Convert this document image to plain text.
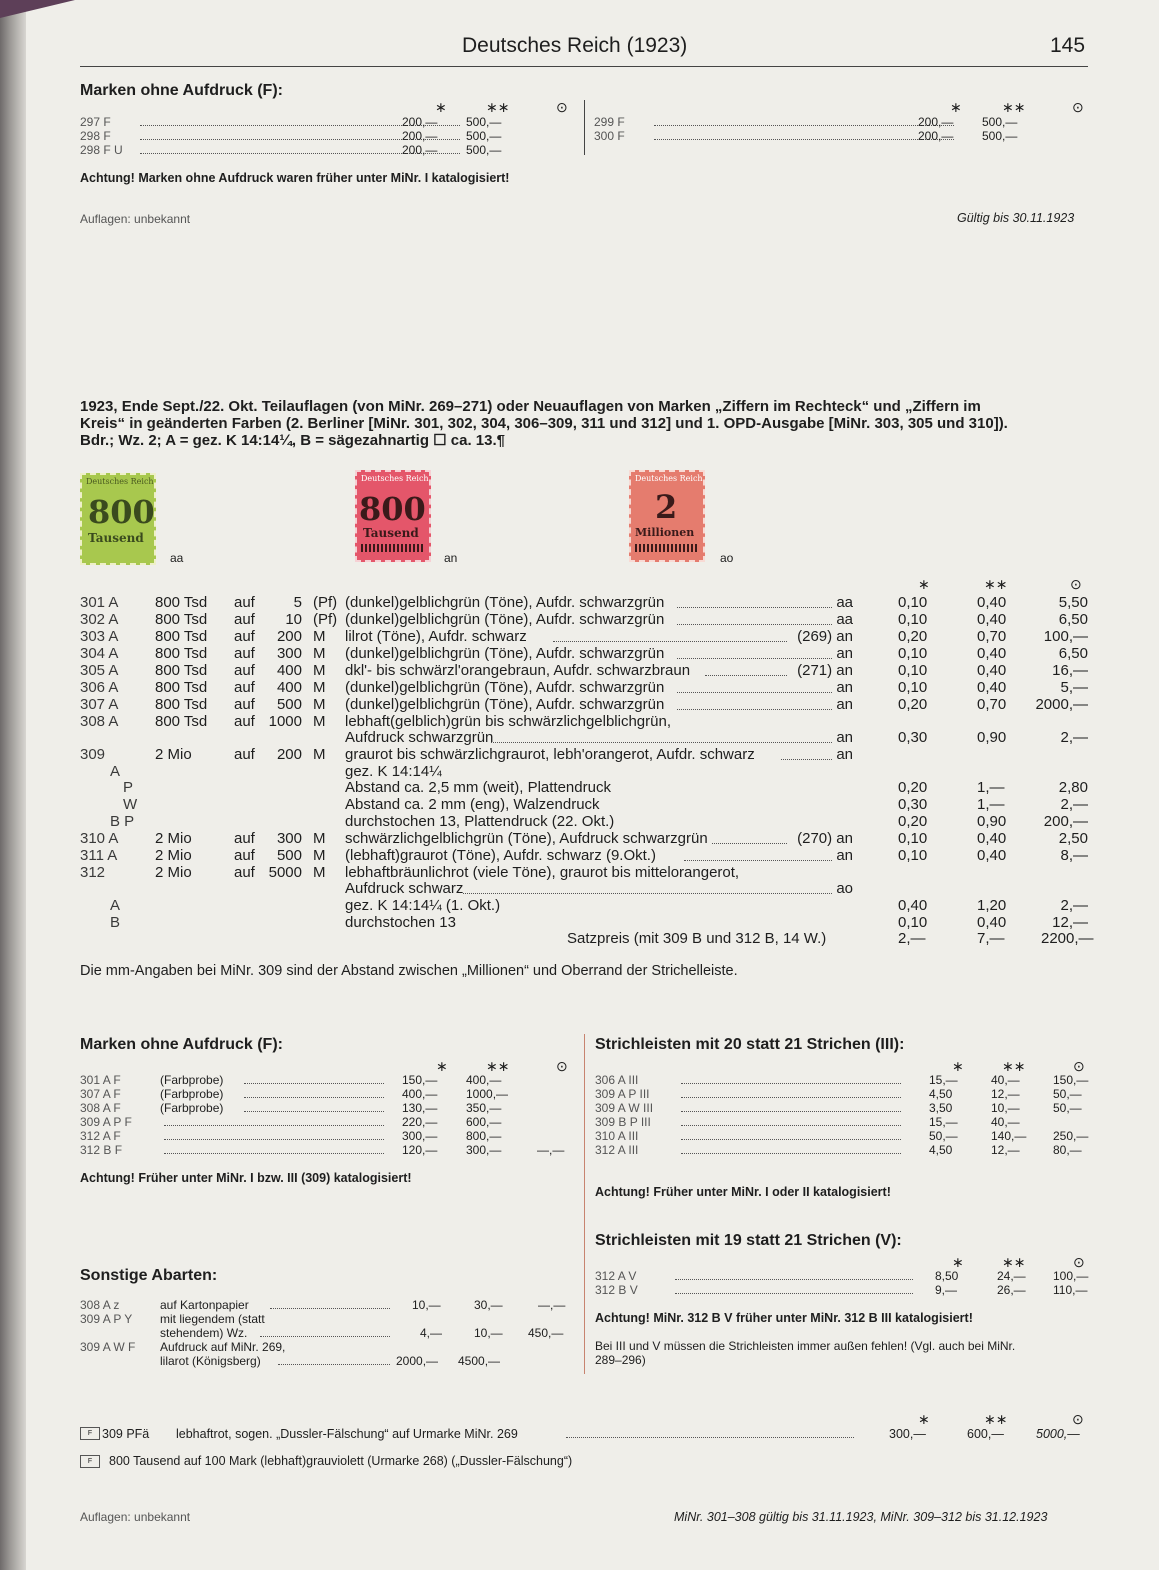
Deutsches Reich (1923)	145
Marken ohne Aufdruck (F):
∗	∗∗	⊙	∗	∗∗	⊙
297 F	200,— 500,—
298 F	200,— 500,—
298 F U	200,— 500,—
299 F	200,— 500,—
300 F	200,— 500,—
Achtung! Marken ohne Aufdruck waren früher unter MiNr. I katalogisiert!
Auflagen: unbekannt	Gültig bis 30.11.1923
1923, Ende Sept./22. Okt. Teilauflagen (von MiNr. 269–271) oder Neuauflagen von Marken „Ziffern im Rechteck“ und „Ziffern im
Kreis“ in geänderten Farben (2. Berliner [MiNr. 301, 302, 304, 306–309, 311 und 312] und 1. OPD-Ausgabe [MiNr. 303, 305 und 310]).
Bdr.; Wz. 2; A = gez. K 14:14¼, B = sägezahnartig ☐ ca. 13.¶
Deutsches Reich
800
Tausend
aa
Deutsches Reich
800
Tausend
an
Deutsches Reich
2
Millionen
ao
∗	∗∗	⊙
301 A 800 Tsd auf	5 (Pf) (dunkel)gelblichgrün (Töne), Aufdr. schwarzgrün	aa	0,10	0,40	5,50
302 A 800 Tsd auf 10 (Pf) (dunkel)gelblichgrün (Töne), Aufdr. schwarzgrün	aa	0,10	0,40	6,50
303 A 800 Tsd auf 200 M lilrot (Töne), Aufdr. schwarz	(269) an	0,20	0,70	100,—
304 A 800 Tsd auf 300 M (dunkel)gelblichgrün (Töne), Aufdr. schwarzgrün	an	0,10	0,40	6,50
305 A 800 Tsd auf 400 M dkl'- bis schwärzl'orangebraun, Aufdr. schwarzbraun	(271) an	0,10	0,40	16,—
306 A 800 Tsd auf 400 M (dunkel)gelblichgrün (Töne), Aufdr. schwarzgrün	an	0,10	0,40	5,—
307 A 800 Tsd auf 500 M (dunkel)gelblichgrün (Töne), Aufdr. schwarzgrün	an	0,20	0,70 2000,—
308 A 800 Tsd auf 1000 M lebhaft(gelblich)grün bis schwärzlichgelblichgrün,
Aufdruck schwarzgrün	an	0,30	0,90	2,—
309	2 Mio	auf 200 M graurot bis schwärzlichgraurot, lebh'orangerot, Aufdr. schwarz	an
A	gez. K 14:14¼
P	Abstand ca. 2,5 mm (weit), Plattendruck	0,20	1,—	2,80
W	Abstand ca. 2 mm (eng), Walzendruck	0,30	1,—	2,—
B P	durchstochen 13, Plattendruck (22. Okt.)	0,20	0,90	200,—
310 A 2 Mio	auf 300 M schwärzlichgelblichgrün (Töne), Aufdruck schwarzgrün	(270) an	0,10	0,40	2,50
311 A	2 Mio	auf 500 M (lebhaft)graurot (Töne), Aufdr. schwarz (9.Okt.)	an	0,10	0,40	8,—
312	2 Mio	auf 5000 M lebhaftbräunlichrot (viele Töne), graurot bis mittelorangerot,
Aufdruck schwarz	ao
A	gez. K 14:14¼ (1. Okt.)	0,40	1,20	2,—
B	durchstochen 13	0,10	0,40	12,—
Satzpreis (mit 309 B und 312 B, 14 W.)	2,—	7,— 2200,—
Die mm-Angaben bei MiNr. 309 sind der Abstand zwischen „Millionen“ und Oberrand der Strichelleiste.
Marken ohne Aufdruck (F):
∗	∗∗	⊙
301 A F	(Farbprobe)	150,— 400,—
307 A F	(Farbprobe)	400,— 1000,—
308 A F	(Farbprobe)	130,— 350,—
309 A P F	220,— 600,—
312 A F	300,— 800,—
312 B F	120,— 300,—	—,—
Achtung! Früher unter MiNr. I bzw. III (309) katalogisiert!
Strichleisten mit 20 statt 21 Strichen (III):
∗	∗∗	⊙
306 A III	15,—	40,—	150,—
309 A P III	4,50	12,—	50,—
309 A W III	3,50	10,—	50,—
309 B P III	15,—	40,—
310 A III	50,—	140,— 250,—
312 A III	4,50	12,—	80,—
Achtung! Früher unter MiNr. I oder II katalogisiert!
Strichleisten mit 19 statt 21 Strichen (V):
∗	∗∗	⊙
312 A V	8,50	24,— 100,—
312 B V	9,—	26,— 110,—
Achtung! MiNr. 312 B V früher unter MiNr. 312 B III katalogisiert!
Bei III und V müssen die Strichleisten immer außen fehlen! (Vgl. auch bei MiNr.
289–296)
Sonstige Abarten:
308 A z	auf Kartonpapier	10,—	30,—	—,—
309 A P Y mit liegendem (statt
stehendem) Wz.	4,—	10,— 450,—
309 A W F Aufdruck auf MiNr. 269,
lilarot (Königsberg)	2000,— 4500,—
∗	∗∗	⊙
F 309 PFä lebhaftrot, sogen. „Dussler-Fälschung“ auf Urmarke MiNr. 269	300,—	600,—	5000,—
F	800 Tausend auf 100 Mark (lebhaft)grauviolett (Urmarke 268) („Dussler-Fälschung“)
Auflagen: unbekannt	MiNr. 301–308 gültig bis 31.11.1923, MiNr. 309–312 bis 31.12.1923
